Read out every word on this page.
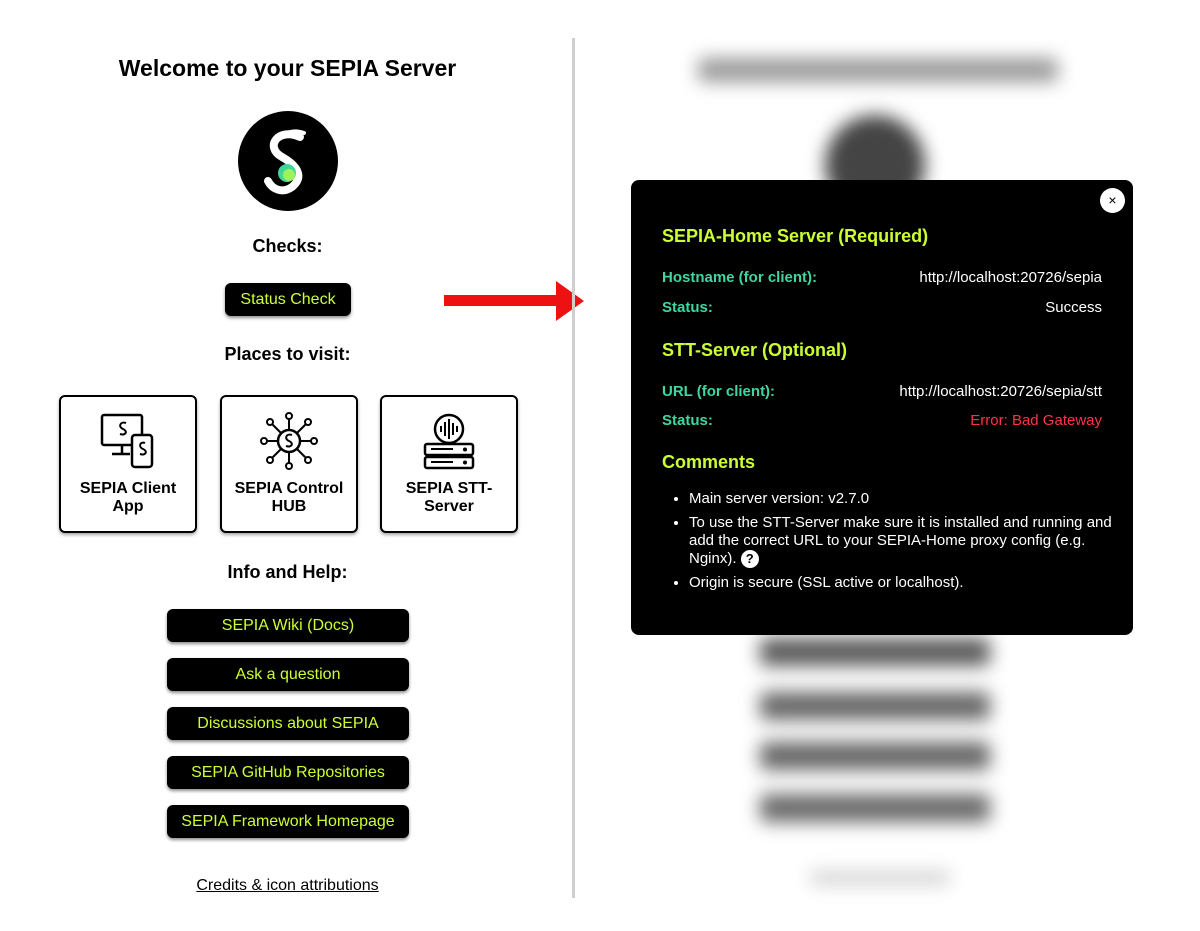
Welcome to your SEPIA Server
Checks:
Status Check
Places to visit:
SEPIA Client App
SEPIA Control HUB
SEPIA STT-Server
Info and Help:
SEPIA Wiki (Docs)
Ask a question
Discussions about SEPIA
SEPIA GitHub Repositories
SEPIA Framework Homepage
Credits & icon attributions
×
SEPIA-Home Server (Required)
Hostname (for client):	http://localhost:20726/sepia
Status:	Success
STT-Server (Optional)
URL (for client):	http://localhost:20726/sepia/stt
Status:	Error: Bad Gateway
Comments
• Main server version: v2.7.0
• To use the STT-Server make sure it is installed and running and add the correct URL to your SEPIA-Home proxy config (e.g. Nginx). ?
• Origin is secure (SSL active or localhost).
